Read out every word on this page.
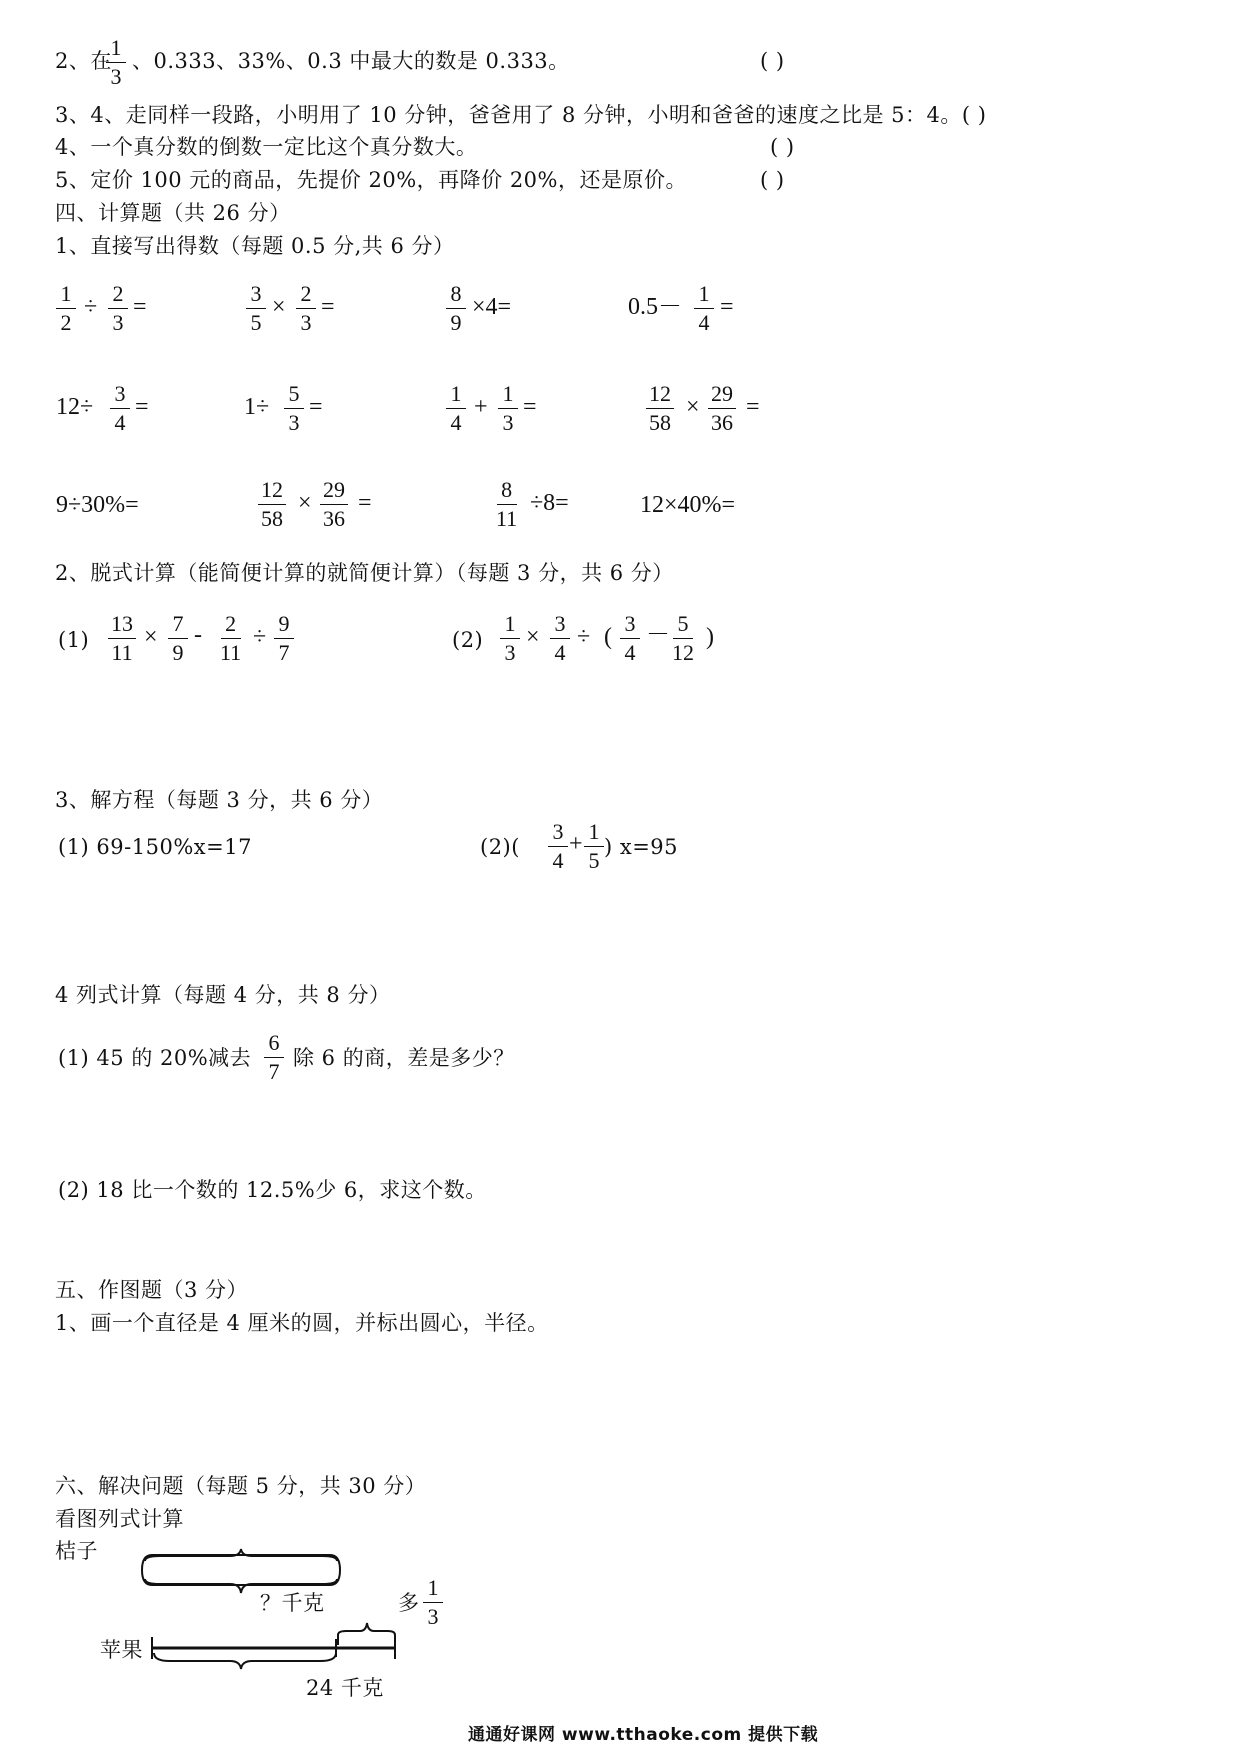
2、在
$\frac{1}{3}$ 、0.333、33%、0.3 中最大的数是 0.333。	( )
3、4、走同样一段路，小明用了 10 分钟，爸爸用了 8 分钟，小明和爸爸的速度之比是 5：4。( )
4、一个真分数的倒数一定比这个真分数大。	( )
5、定价 100 元的商品，先提价 20%，再降价 20%，还是原价。	( )
四、计算题（共 26 分）
1、直接写出得数（每题 0.5 分,共 6 分）
$\frac{1}{2} \div \frac{2}{3}$ =	$\frac{3}{5} \times \frac{2}{3}$ =	$\frac{8}{9} \times 4=$	$0.5- \frac{1}{4}$ =
$12\div \frac{3}{4}$ =	$1\div \frac{5}{3}$ =	$\frac{1}{4} + \frac{1}{3}$ =	$\frac{12}{58} \times \frac{29}{36}$ =
9÷30%=	$\frac{12}{58} \times \frac{29}{36}$ =	$\frac{8}{11} \div 8=$	12×40%=
2、脱式计算（能简便计算的就简便计算）（每题 3 分，共 6 分）
$(1) \frac{13}{11} \times \frac{7}{9} - \frac{2}{11} \div \frac{9}{7}$	$(2) \frac{1}{3} \times \frac{3}{4}$ ÷ ( $\frac{3}{4} - \frac{5}{12}$ )
3、解方程（每题 3 分，共 6 分）
(1) 69-150%x=17	$(2)( \frac{3}{4} + \frac{1}{5}$ ) x=95
4 列式计算（每题 4 分，共 8 分）
(1) 45 的 20%减去 $\frac{6}{7}$ 除 6 的商，差是多少？
(2) 18 比一个数的 12.5%少 6，求这个数。
五、作图题（3 分）
1、画一个直径是 4 厘米的圆，并标出圆心，半径。
六、解决问题（每题 5 分，共 30 分）
看图列式计算
桔子
？千克	多 $\frac{1}{3}$
苹果
24 千克
通通好课网 www.tthaoke.com 提供下载
